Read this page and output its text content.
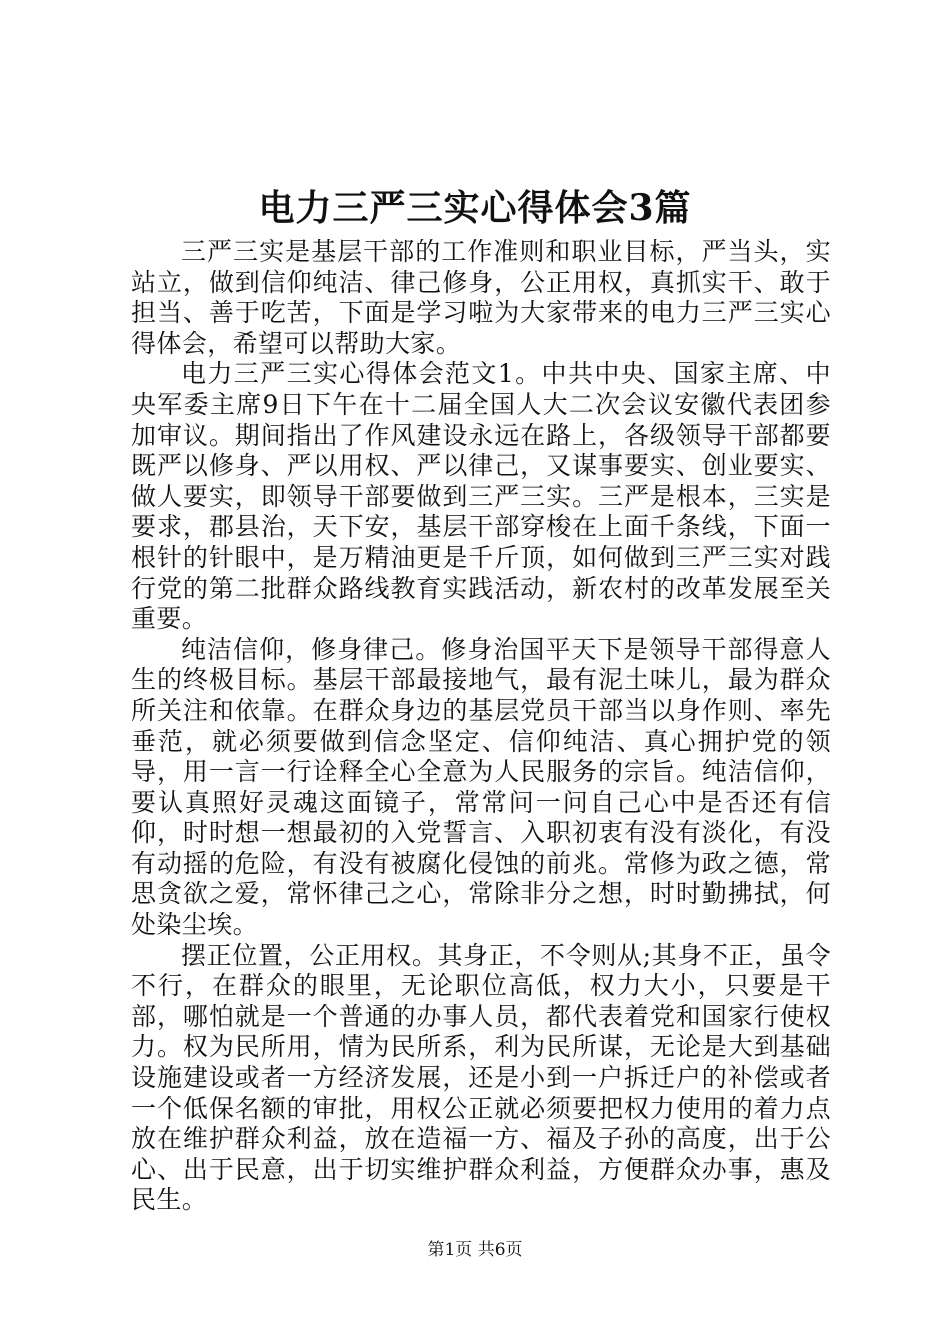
电力三严三实心得体会3篇

三严三实是基层干部的工作准则和职业目标，严当头，实站立，做到信仰纯洁、律己修身，公正用权，真抓实干、敢于担当、善于吃苦，下面是学习啦为大家带来的电力三严三实心得体会，希望可以帮助大家。

电力三严三实心得体会范文1。中共中央、国家主席、中央军委主席9日下午在十二届全国人大二次会议安徽代表团参加审议。期间指出了作风建设永远在路上，各级领导干部都要既严以修身、严以用权、严以律己，又谋事要实、创业要实、做人要实，即领导干部要做到三严三实。三严是根本，三实是要求，郡县治，天下安，基层干部穿梭在上面千条线，下面一根针的针眼中，是万精油更是千斤顶，如何做到三严三实对践行党的第二批群众路线教育实践活动，新农村的改革发展至关重要。

纯洁信仰，修身律己。修身治国平天下是领导干部得意人生的终极目标。基层干部最接地气，最有泥土味儿，最为群众所关注和依靠。在群众身边的基层党员干部当以身作则、率先垂范，就必须要做到信念坚定、信仰纯洁、真心拥护党的领导，用一言一行诠释全心全意为人民服务的宗旨。纯洁信仰，要认真照好灵魂这面镜子，常常问一问自己心中是否还有信仰，时时想一想最初的入党誓言、入职初衷有没有淡化，有没有动摇的危险，有没有被腐化侵蚀的前兆。常修为政之德，常思贪欲之爱，常怀律己之心，常除非分之想，时时勤拂拭，何处染尘埃。

摆正位置，公正用权。其身正，不令则从;其身不正，虽令不行，在群众的眼里，无论职位高低，权力大小，只要是干部，哪怕就是一个普通的办事人员，都代表着党和国家行使权力。权为民所用，情为民所系，利为民所谋，无论是大到基础设施建设或者一方经济发展，还是小到一户拆迁户的补偿或者一个低保名额的审批，用权公正就必须要把权力使用的着力点放在维护群众利益，放在造福一方、福及子孙的高度，出于公心、出于民意，出于切实维护群众利益，方便群众办事，惠及民生。

第1页 共6页
